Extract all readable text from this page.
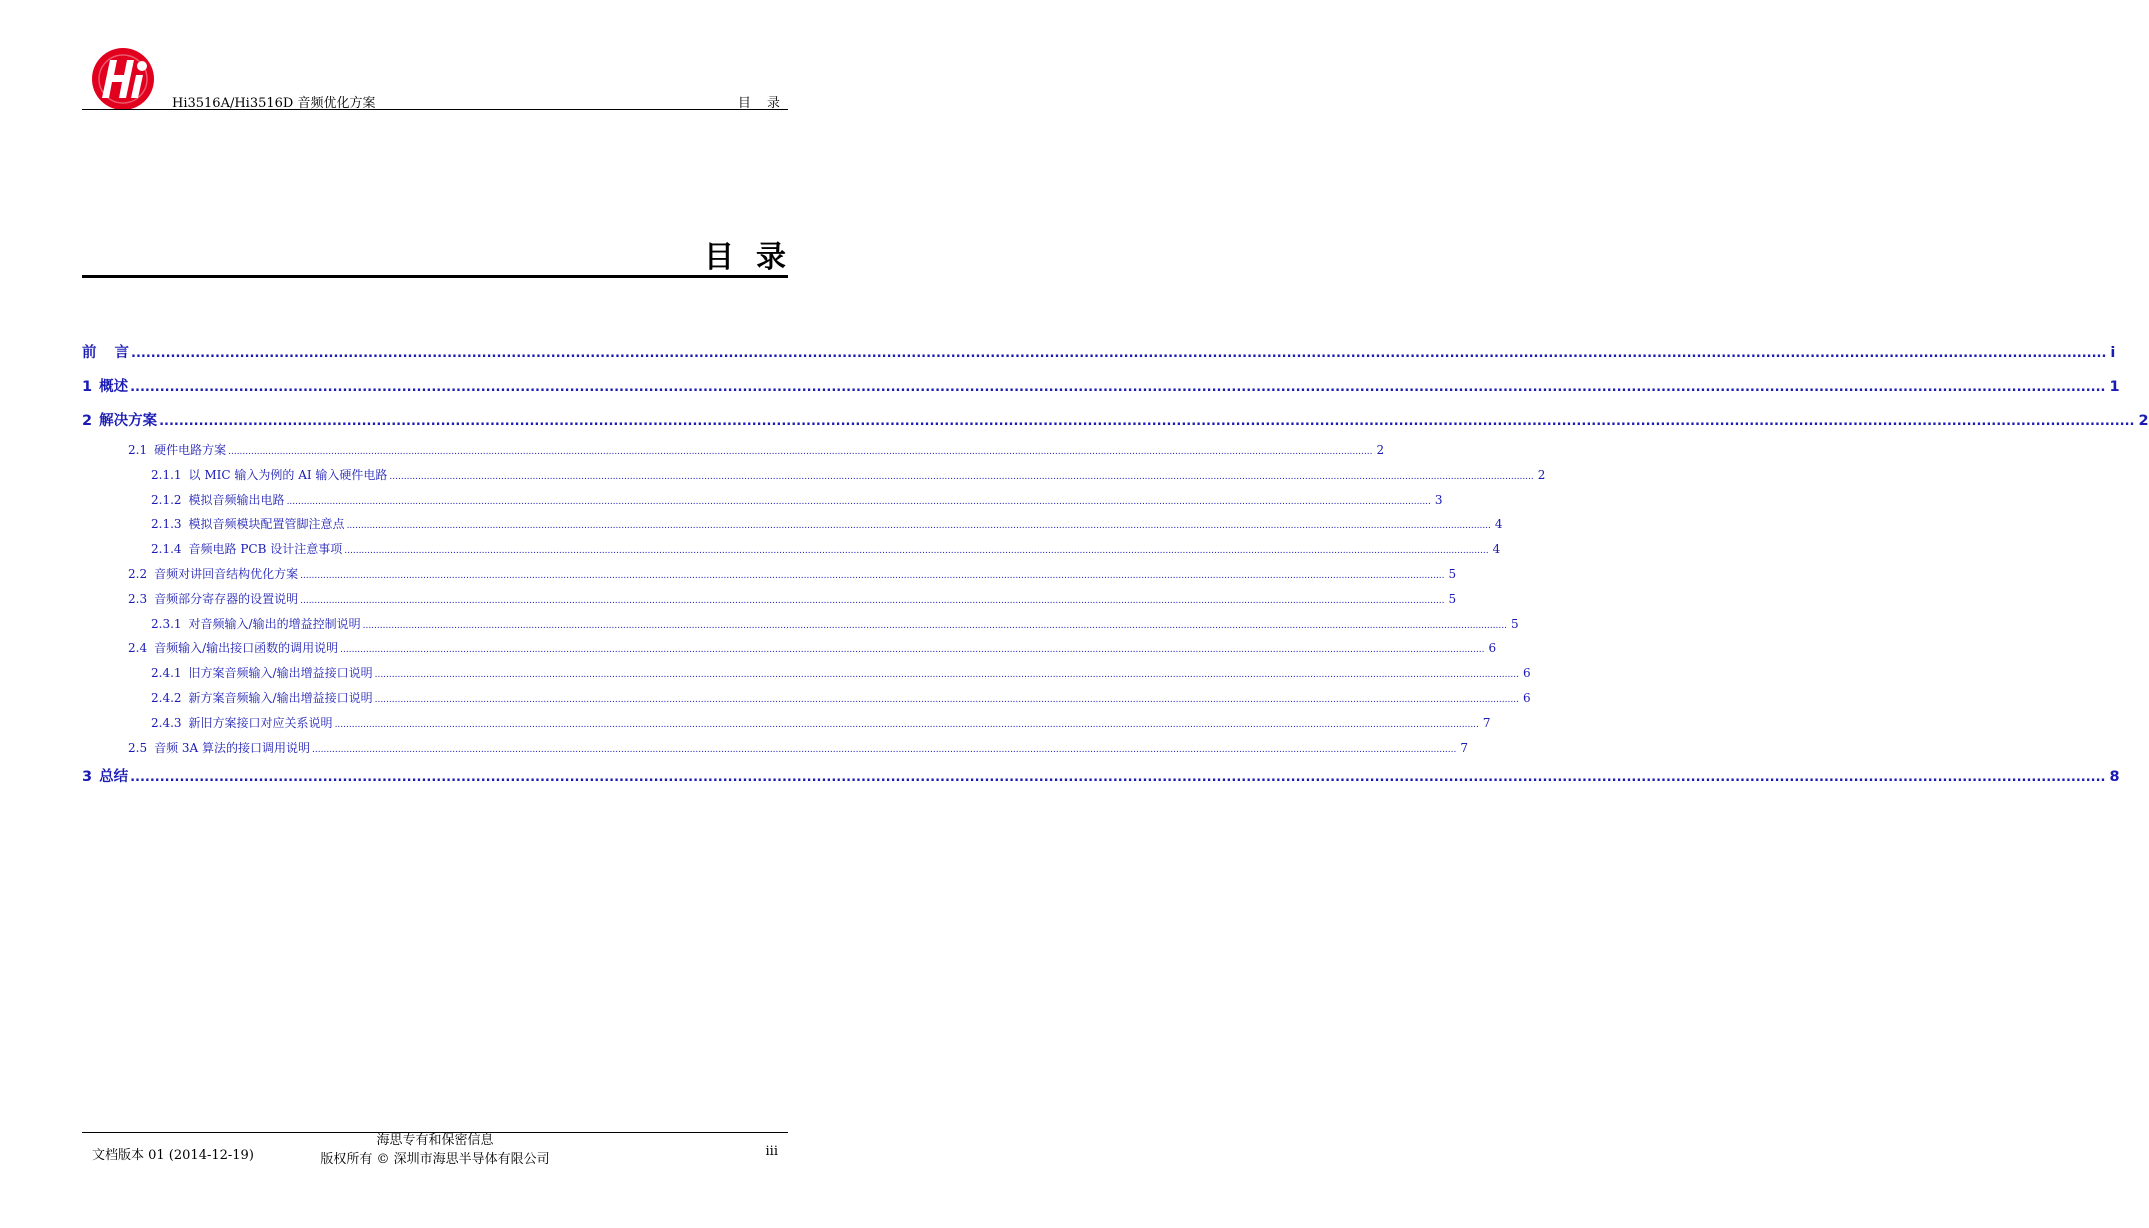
Hi3516A/Hi3516D 音频优化方案	目 录
目录
前 言 ................................................................................................................................................................................................................................................................................................................................................................................................................ i
1 概述 ................................................................................................................................................................................................................................................................................................................................................................................................................ 1
2 解决方案 ................................................................................................................................................................................................................................................................................................................................................................................................................ 2
2.1 硬件电路方案 ................................................................................................................................................................................................................................................................................................................................................................................................................ 2
2.1.1 以 MIC 输入为例的 AI 输入硬件电路 ................................................................................................................................................................................................................................................................................................................................................................................................................ 2
2.1.2 模拟音频输出电路 ................................................................................................................................................................................................................................................................................................................................................................................................................ 3
2.1.3 模拟音频模块配置管脚注意点 ................................................................................................................................................................................................................................................................................................................................................................................................................ 4
2.1.4 音频电路 PCB 设计注意事项 ................................................................................................................................................................................................................................................................................................................................................................................................................ 4
2.2 音频对讲回音结构优化方案 ................................................................................................................................................................................................................................................................................................................................................................................................................ 5
2.3 音频部分寄存器的设置说明 ................................................................................................................................................................................................................................................................................................................................................................................................................ 5
2.3.1 对音频输入/输出的增益控制说明 ................................................................................................................................................................................................................................................................................................................................................................................................................ 5
2.4 音频输入/输出接口函数的调用说明 ................................................................................................................................................................................................................................................................................................................................................................................................................ 6
2.4.1 旧方案音频输入/输出增益接口说明 ................................................................................................................................................................................................................................................................................................................................................................................................................ 6
2.4.2 新方案音频输入/输出增益接口说明 ................................................................................................................................................................................................................................................................................................................................................................................................................ 6
2.4.3 新旧方案接口对应关系说明 ................................................................................................................................................................................................................................................................................................................................................................................................................ 7
2.5 音频 3A 算法的接口调用说明 ................................................................................................................................................................................................................................................................................................................................................................................................................ 7
3 总结 ................................................................................................................................................................................................................................................................................................................................................................................................................ 8
文档版本 01 (2014-12-19)
海思专有和保密信息
版权所有 © 深圳市海思半导体有限公司
iii
